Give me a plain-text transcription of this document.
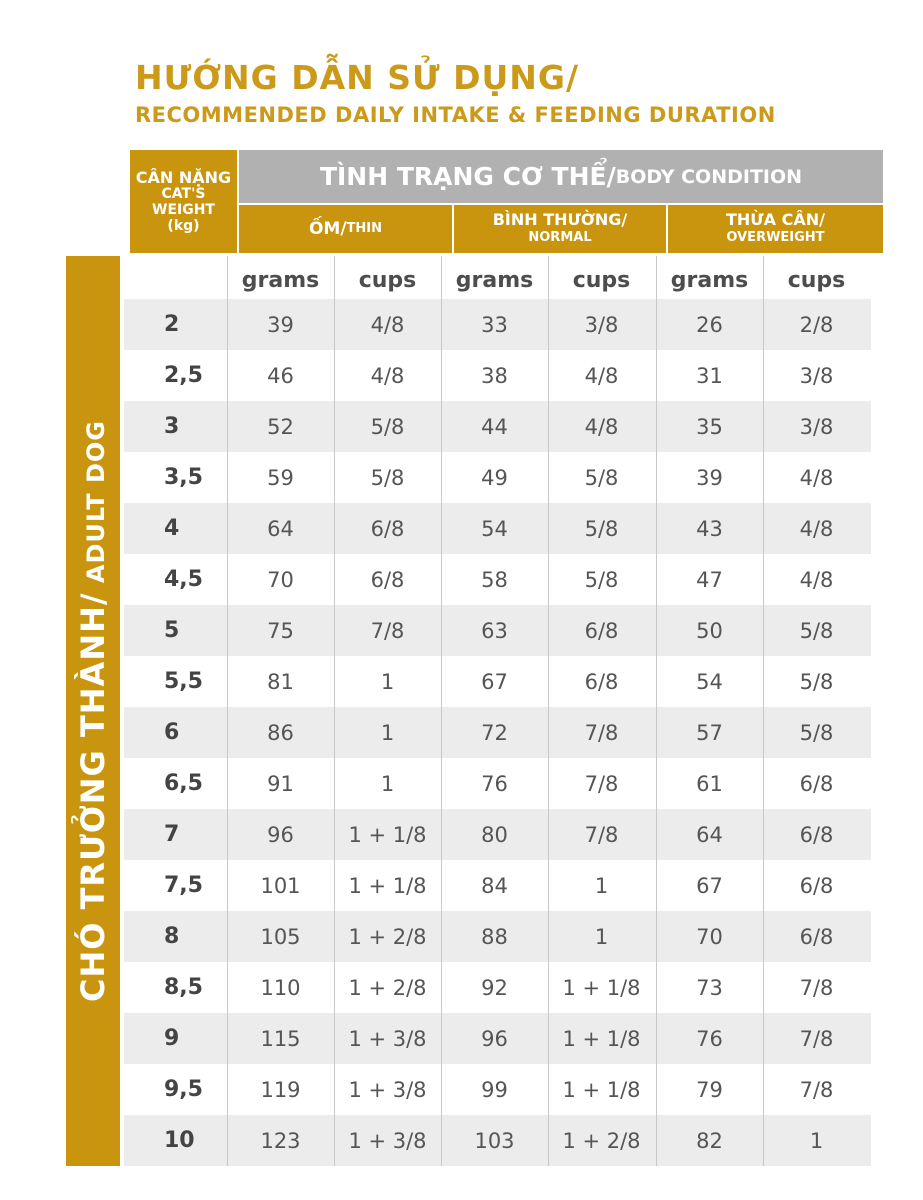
HƯỚNG DẪN SỬ DỤNG/
RECOMMENDED DAILY INTAKE & FEEDING DURATION
CÂN NẶNG
CAT'S
WEIGHT
(kg)
TÌNH TRẠNG CƠ THỂ/ BODY CONDITION
ỐM/ THIN	BÌNH THƯỜNG/
NORMAL
THỪA CÂN/
OVERWEIGHT
CHÓ TRƯỞNG THÀNH/ ADULT DOG
grams	cups	grams	cups	grams	cups
2	39	4/8	33	3/8	26	2/8
2,5	46	4/8	38	4/8	31	3/8
3	52	5/8	44	4/8	35	3/8
3,5	59	5/8	49	5/8	39	4/8
4	64	6/8	54	5/8	43	4/8
4,5	70	6/8	58	5/8	47	4/8
5	75	7/8	63	6/8	50	5/8
5,5	81	1	67	6/8	54	5/8
6	86	1	72	7/8	57	5/8
6,5	91	1	76	7/8	61	6/8
7	96	1 + 1/8	80	7/8	64	6/8
7,5	101	1 + 1/8	84	1	67	6/8
8	105	1 + 2/8	88	1	70	6/8
8,5	110	1 + 2/8	92	1 + 1/8	73	7/8
9	115	1 + 3/8	96	1 + 1/8	76	7/8
9,5	119	1 + 3/8	99	1 + 1/8	79	7/8
10	123	1 + 3/8	103	1 + 2/8	82	1
